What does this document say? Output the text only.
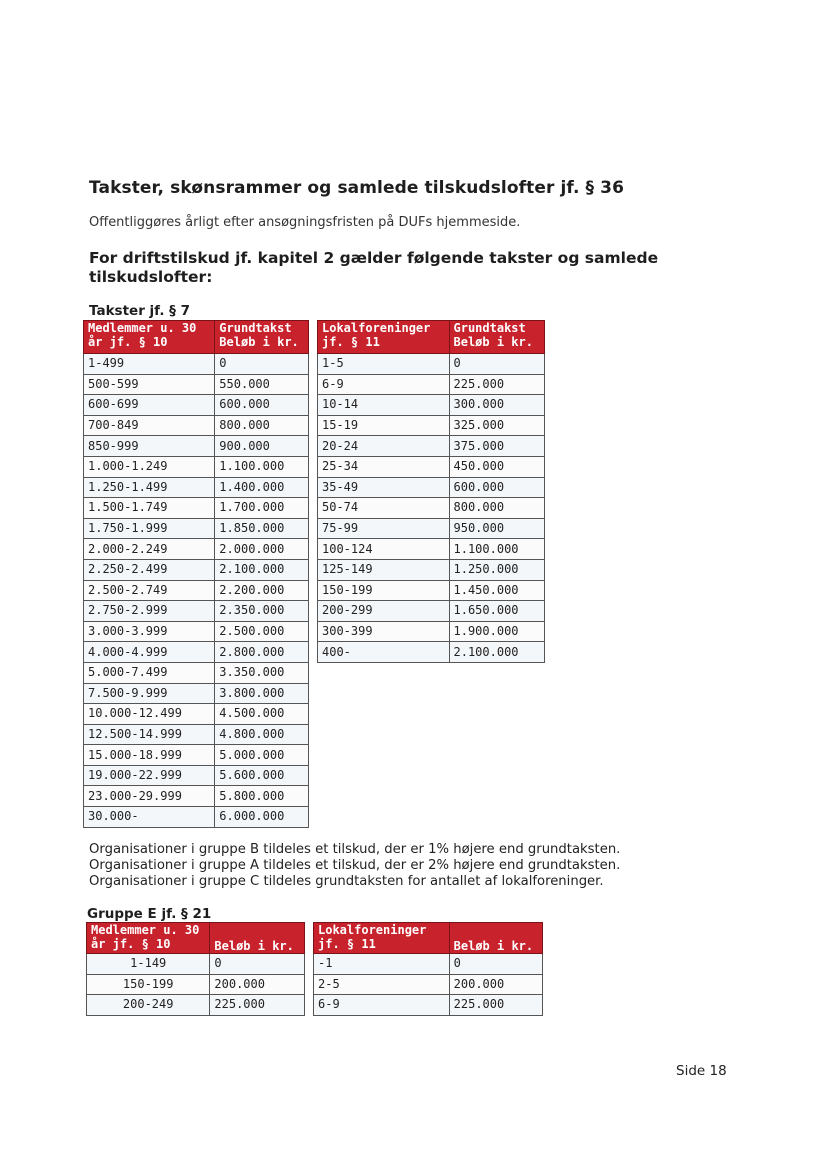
Takster, skønsrammer og samlede tilskudslofter jf. § 36
Offentliggøres årligt efter ansøgningsfristen på DUFs hjemmeside.
For driftstilskud jf. kapitel 2 gælder følgende takster og samlede tilskudslofter:
Takster jf. § 7
Medlemmer u. 30 år jf. § 10	Grundtakst Beløb i kr.
1-499	0
500-599	550.000
600-699	600.000
700-849	800.000
850-999	900.000
1.000-1.249	1.100.000
1.250-1.499	1.400.000
1.500-1.749	1.700.000
1.750-1.999	1.850.000
2.000-2.249	2.000.000
2.250-2.499	2.100.000
2.500-2.749	2.200.000
2.750-2.999	2.350.000
3.000-3.999	2.500.000
4.000-4.999	2.800.000
5.000-7.499	3.350.000
7.500-9.999	3.800.000
10.000-12.499	4.500.000
12.500-14.999	4.800.000
15.000-18.999	5.000.000
19.000-22.999	5.600.000
23.000-29.999	5.800.000
30.000-	6.000.000
Lokalforeninger jf. § 11	Grundtakst Beløb i kr.
1-5	0
6-9	225.000
10-14	300.000
15-19	325.000
20-24	375.000
25-34	450.000
35-49	600.000
50-74	800.000
75-99	950.000
100-124	1.100.000
125-149	1.250.000
150-199	1.450.000
200-299	1.650.000
300-399	1.900.000
400-	2.100.000
Organisationer i gruppe B tildeles et tilskud, der er 1% højere end grundtaksten.
Organisationer i gruppe A tildeles et tilskud, der er 2% højere end grundtaksten.
Organisationer i gruppe C tildeles grundtaksten for antallet af lokalforeninger.
Gruppe E jf. § 21
Medlemmer u. 30 år jf. § 10	Beløb i kr.
1-149	0
150-199	200.000
200-249	225.000
Lokalforeninger jf. § 11	Beløb i kr.
-1	0
2-5	200.000
6-9	225.000
Side 18
